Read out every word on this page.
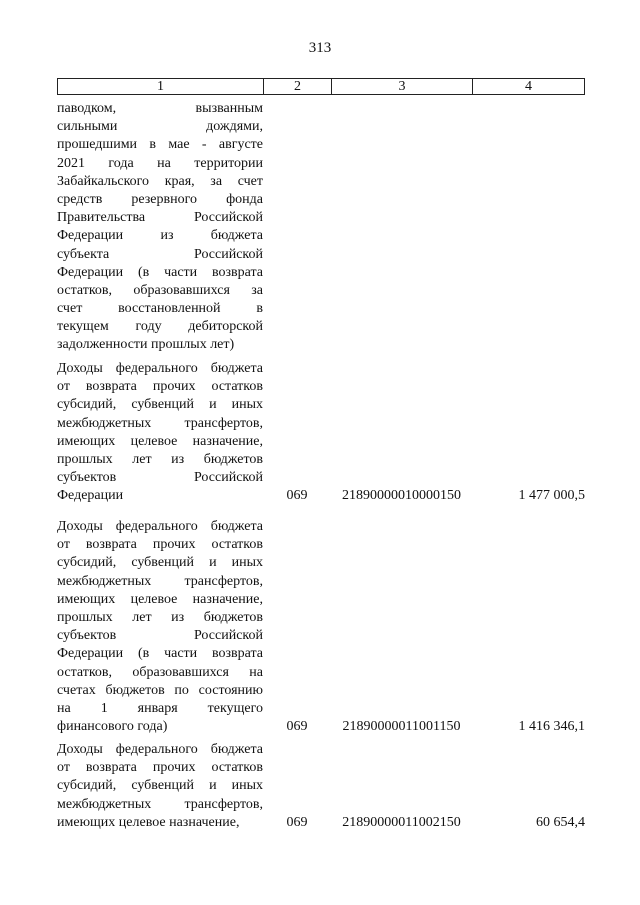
313
1	2	3	4
паводком, вызванным
сильными дождями,
прошедшими в мае - августе
2021 года на территории
Забайкальского края, за счет
средств резервного фонда
Правительства Российской
Федерации из бюджета
субъекта Российской
Федерации (в части возврата
остатков, образовавшихся за
счет восстановленной в
текущем году дебиторской
задолженности прошлых лет)
Доходы федерального бюджета
от возврата прочих остатков
субсидий, субвенций и иных
межбюджетных трансфертов,
имеющих целевое назначение,
прошлых лет из бюджетов
субъектов Российской
Федерации	069	21890000010000150	1 477 000,5
Доходы федерального бюджета
от возврата прочих остатков
субсидий, субвенций и иных
межбюджетных трансфертов,
имеющих целевое назначение,
прошлых лет из бюджетов
субъектов Российской
Федерации (в части возврата
остатков, образовавшихся на
счетах бюджетов по состоянию
на 1 января текущего
финансового года)	069	21890000011001150	1 416 346,1
Доходы федерального бюджета
от возврата прочих остатков
субсидий, субвенций и иных
межбюджетных трансфертов,
имеющих целевое назначение,	069	21890000011002150	60 654,4
